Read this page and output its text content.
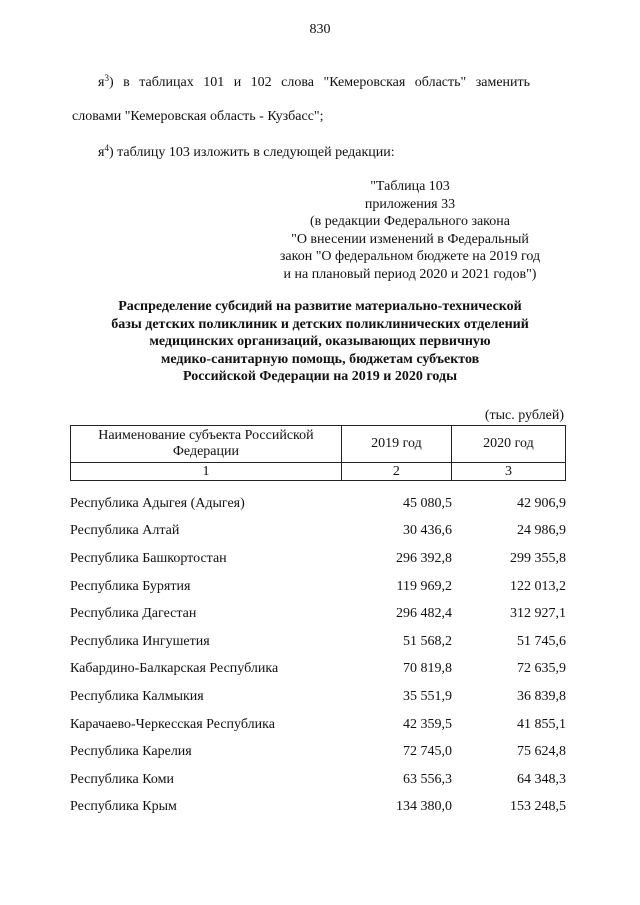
830
$я^3$) в таблицах 101 и 102 слова "Кемеровская область" заменить
словами "Кемеровская область - Кузбасс";
$я^4$) таблицу 103 изложить в следующей редакции:
"Таблица 103
приложения 33
(в редакции Федерального закона
"О внесении изменений в Федеральный
закон "О федеральном бюджете на 2019 год
и на плановый период 2020 и 2021 годов")
Распределение субсидий на развитие материально-технической
базы детских поликлиник и детских поликлинических отделений
медицинских организаций, оказывающих первичную
медико-санитарную помощь, бюджетам субъектов
Российской Федерации на 2019 и 2020 годы
(тыс. рублей)
Наименование субъекта Российской Федерации	2019 год	2020 год
1	2	3
Республика Адыгея (Адыгея)	45 080,5	42 906,9
Республика Алтай	30 436,6	24 986,9
Республика Башкортостан	296 392,8	299 355,8
Республика Бурятия	119 969,2	122 013,2
Республика Дагестан	296 482,4	312 927,1
Республика Ингушетия	51 568,2	51 745,6
Кабардино-Балкарская Республика	70 819,8	72 635,9
Республика Калмыкия	35 551,9	36 839,8
Карачаево-Черкесская Республика	42 359,5	41 855,1
Республика Карелия	72 745,0	75 624,8
Республика Коми	63 556,3	64 348,3
Республика Крым	134 380,0	153 248,5
